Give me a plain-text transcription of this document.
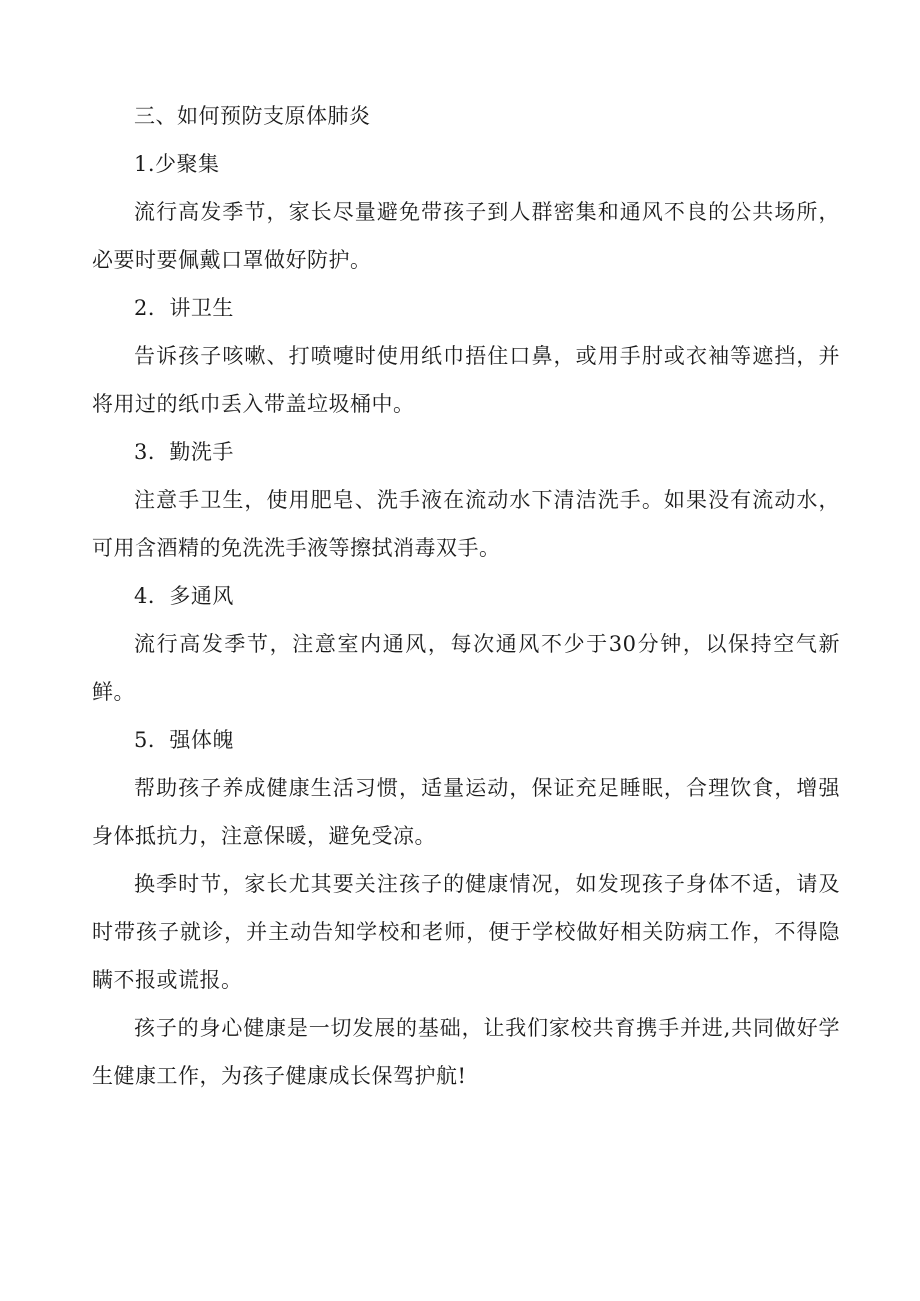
三、如何预防支原体肺炎

1.少聚集

流行高发季节，家长尽量避免带孩子到人群密集和通风不良的公共场所，必要时要佩戴口罩做好防护。

2．讲卫生

告诉孩子咳嗽、打喷嚏时使用纸巾捂住口鼻，或用手肘或衣袖等遮挡，并将用过的纸巾丢入带盖垃圾桶中。

3．勤洗手

注意手卫生，使用肥皂、洗手液在流动水下清洁洗手。如果没有流动水，可用含酒精的免洗洗手液等擦拭消毒双手。

4．多通风

流行高发季节，注意室内通风，每次通风不少于30分钟，以保持空气新鲜。

5．强体魄

帮助孩子养成健康生活习惯，适量运动，保证充足睡眠，合理饮食，增强身体抵抗力，注意保暖，避免受凉。

换季时节，家长尤其要关注孩子的健康情况，如发现孩子身体不适，请及时带孩子就诊，并主动告知学校和老师，便于学校做好相关防病工作，不得隐瞒不报或谎报。

孩子的身心健康是一切发展的基础，让我们家校共育携手并进,共同做好学生健康工作，为孩子健康成长保驾护航!
